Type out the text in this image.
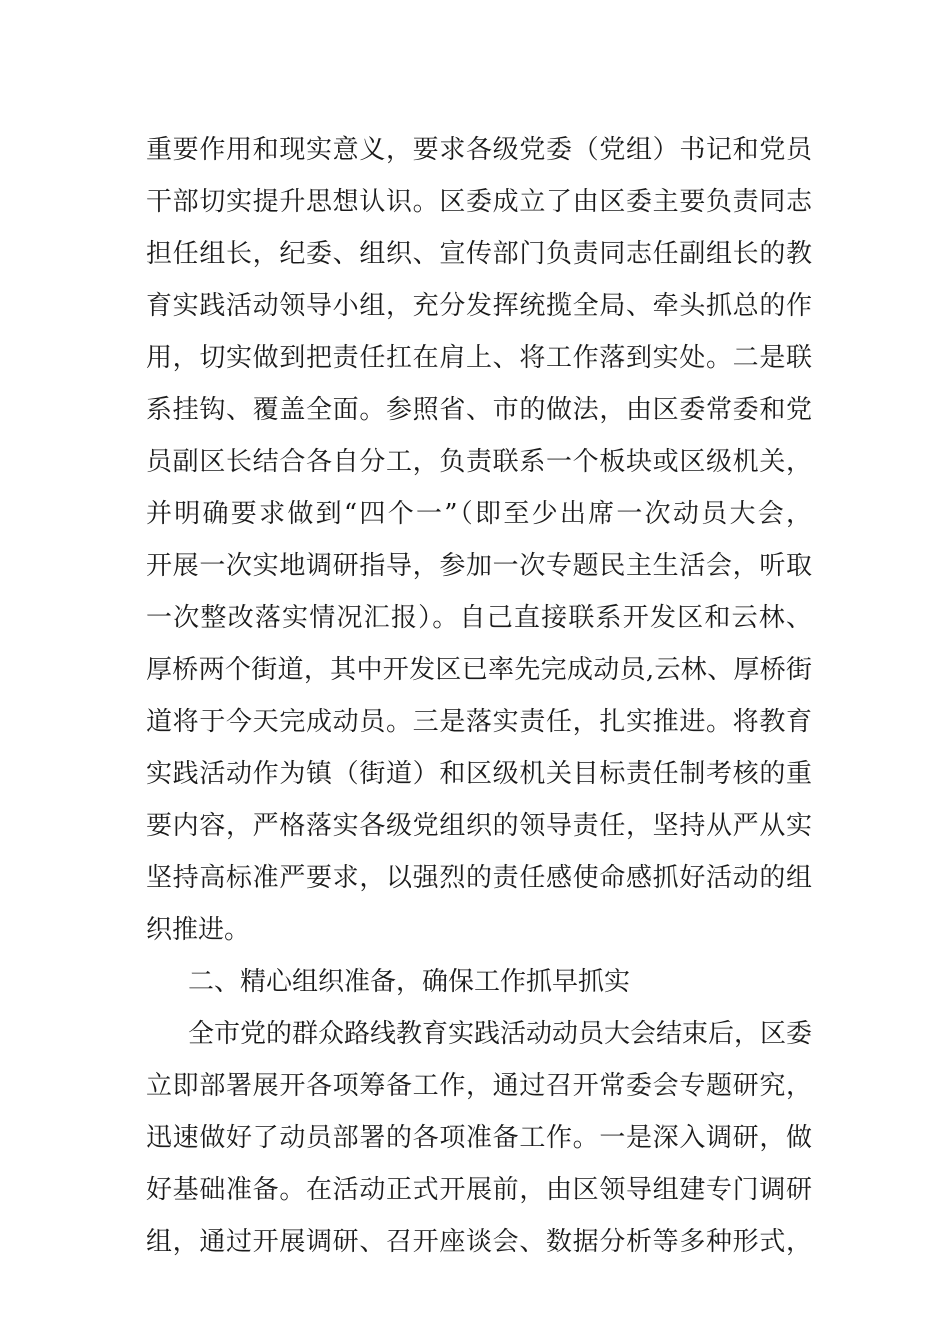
重要作用和现实意义，要求各级党委（党组）书记和党员
干部切实提升思想认识。区委成立了由区委主要负责同志
担任组长，纪委、组织、宣传部门负责同志任副组长的教
育实践活动领导小组，充分发挥统揽全局、牵头抓总的作
用，切实做到把责任扛在肩上、将工作落到实处。二是联
系挂钩、覆盖全面。参照省、市的做法，由区委常委和党
员副区长结合各自分工，负责联系一个板块或区级机关，
并明确要求做到“四个一”（即至少出席一次动员大会，
开展一次实地调研指导，参加一次专题民主生活会，听取
一次整改落实情况汇报）。自己直接联系开发区和云林、
厚桥两个街道，其中开发区已率先完成动员,云林、厚桥街
道将于今天完成动员。三是落实责任，扎实推进。将教育
实践活动作为镇（街道）和区级机关目标责任制考核的重
要内容，严格落实各级党组织的领导责任，坚持从严从实
坚持高标准严要求，以强烈的责任感使命感抓好活动的组
织推进。
二、精心组织准备，确保工作抓早抓实
全市党的群众路线教育实践活动动员大会结束后，区委
立即部署展开各项筹备工作，通过召开常委会专题研究，
迅速做好了动员部署的各项准备工作。一是深入调研，做
好基础准备。在活动正式开展前，由区领导组建专门调研
组，通过开展调研、召开座谈会、数据分析等多种形式，
